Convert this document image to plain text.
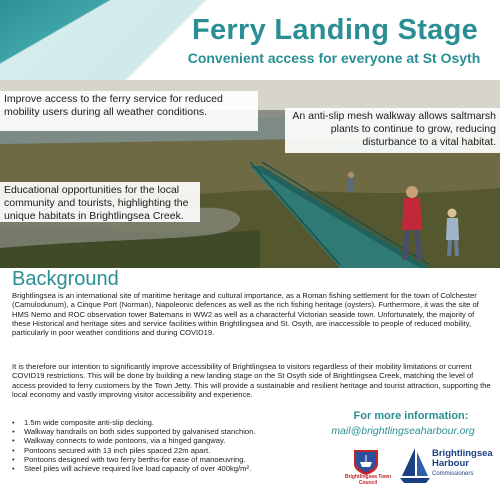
Ferry Landing Stage
Convenient access for everyone at St Osyth
Improve access to the ferry service for reduced mobility users during all weather conditions.	An anti-slip mesh walkway allows saltmarsh plants to continue to grow, reducing disturbance to a vital habitat.
Educational opportunities for the local community and tourists, highlighting the unique habitats in Brightlingsea Creek.
Background

Brightlingsea is an international site of maritime heritage and cultural importance, as a Roman fishing settlement for the town of Colchester (Camulodunum), a Cinque Port (Norman), Napoleonic defences as well as the rich fishing heritage (oysters). Furthermore, it was the site of HMS Nemo and ROC observation tower Batemans in WW2 as well as a characterful Victorian seaside town. Unfortunately, the majority of these Historical and heritage sites and service facilities within Brightlingsea and St. Osyth, are inaccessible to people of reduced mobility, particularly in poor weather conditions and during COVID19.

It is therefore our intention to significantly improve accessibility of Brightlingsea to visitors regardless of their mobility limitations or current COVID19 restrictions. This will be done by building a new landing stage on the St Osyth side of Brightlingsea Creek, matching the level of access provided to ferry customers by the Town Jetty. This will provide a sustainable and resilient heritage and tourist attraction, supporting the local economy and vastly improving visitor accessibility and experience.

• 1.5m wide composite anti-slip decking.
• Walkway handrails on both sides supported by galvanised stanchion.
• Walkway connects to wide pontoons, via a hinged gangway.
• Pontoons secured with 13 inch piles spaced 22m apart.
• Pontoons designed with two ferry berths-for ease of manoeuvring.
• Steel piles will achieve required live load capacity of over 400kg/m².
For more information:
mail@brightlingseaharbour.org
Brightlingsea Town Council
Brightlingsea Harbour
Commissioners
